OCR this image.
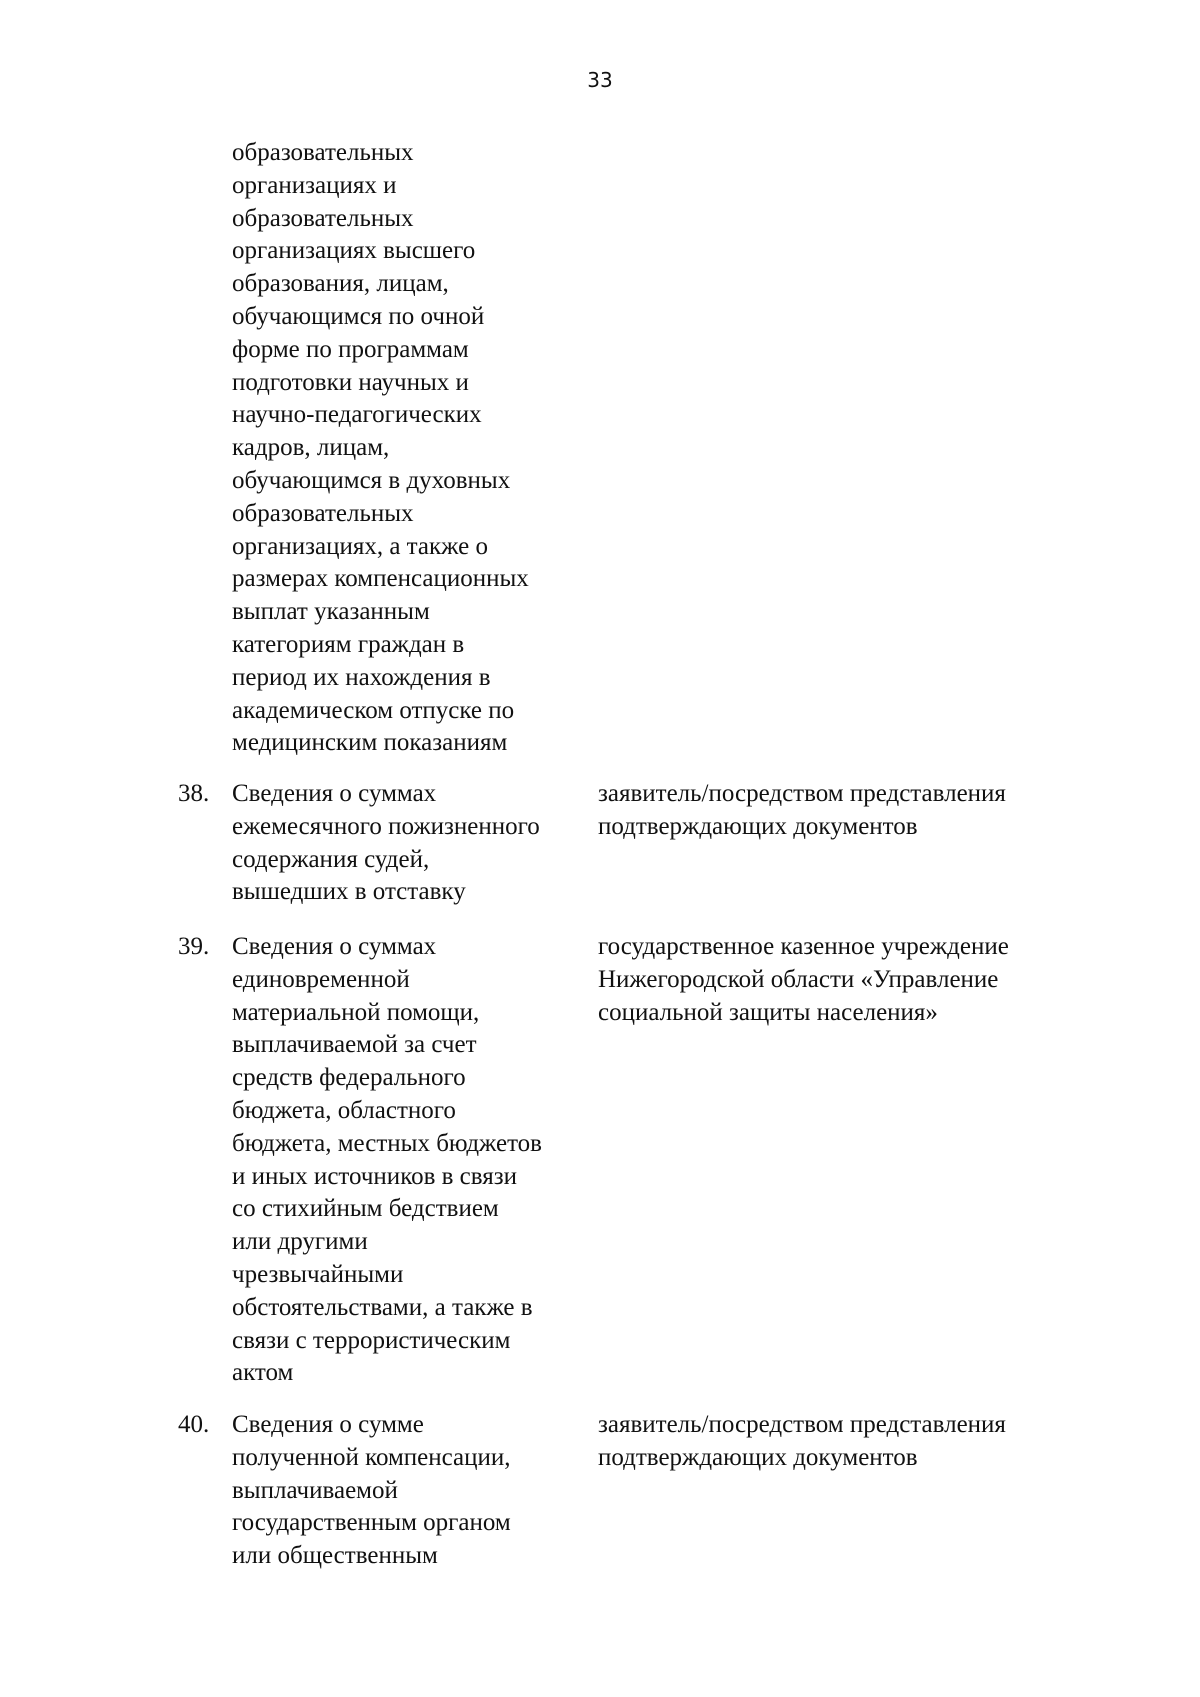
33
образовательных
организациях и
образовательных
организациях высшего
образования, лицам,
обучающимся по очной
форме по программам
подготовки научных и
научно-педагогических
кадров, лицам,
обучающимся в духовных
образовательных
организациях, а также о
размерах компенсационных
выплат указанным
категориям граждан в
период их нахождения в
академическом отпуске по
медицинским показаниям
38. Сведения о суммах
ежемесячного пожизненного
содержания судей,
вышедших в отставку
заявитель/посредством представления
подтверждающих документов
39. Сведения о суммах
единовременной
материальной помощи,
выплачиваемой за счет
средств федерального
бюджета, областного
бюджета, местных бюджетов
и иных источников в связи
со стихийным бедствием
или другими
чрезвычайными
обстоятельствами, а также в
связи с террористическим
актом
государственное казенное учреждение
Нижегородской области «Управление
социальной защиты населения»
40. Сведения о сумме
полученной компенсации,
выплачиваемой
государственным органом
или общественным
заявитель/посредством представления
подтверждающих документов
